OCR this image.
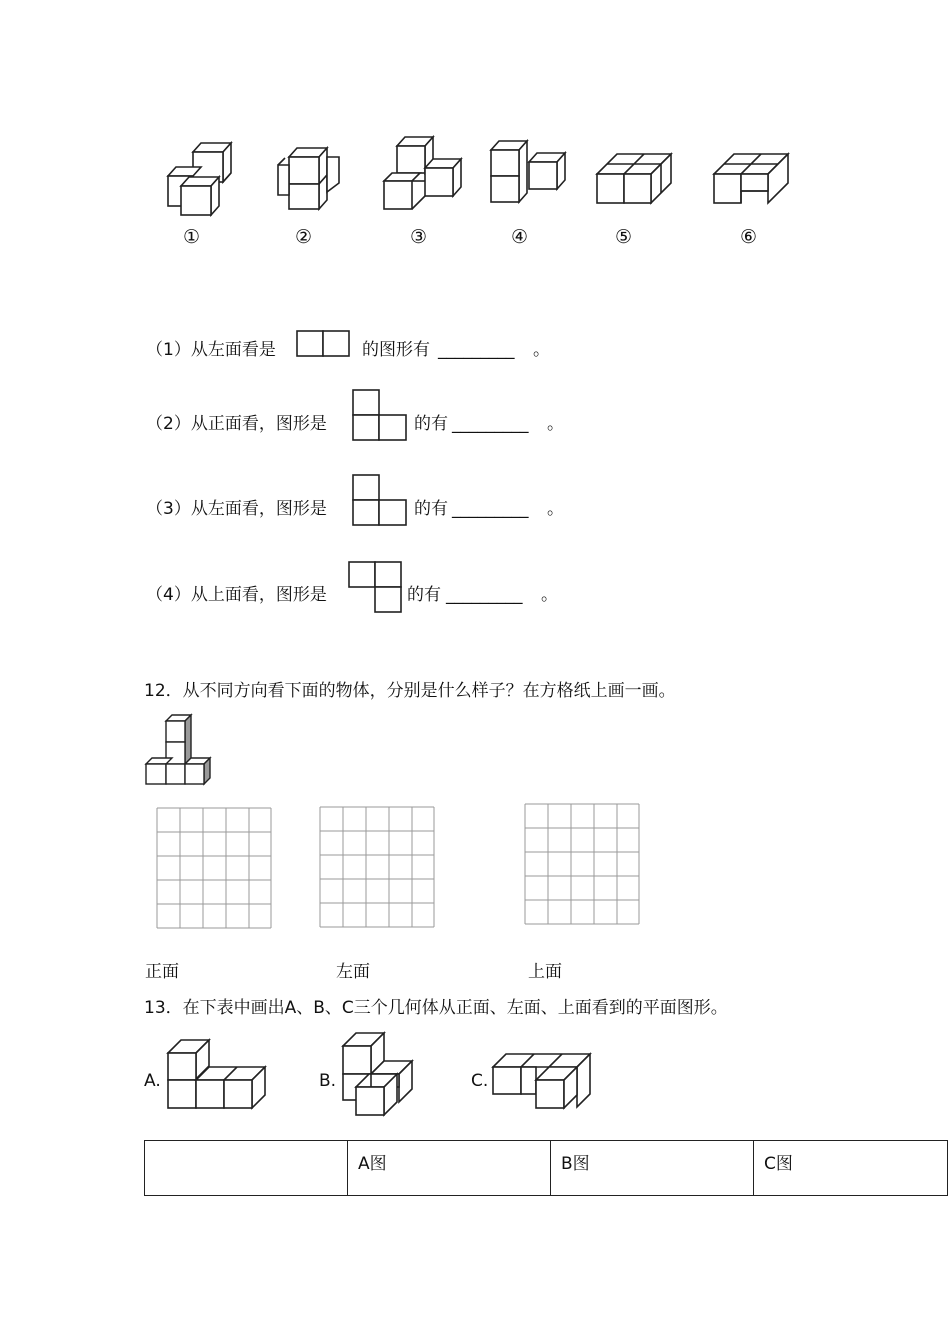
①	②	③	④	⑤	⑥
（1）从左面看是	的图形有 _________ 。
（2）从正面看，图形是	的有 _________ 。
（3）从左面看，图形是	的有 _________ 。
（4）从上面看，图形是	的有 _________ 。
12．从不同方向看下面的物体，分别是什么样子？在方格纸上画一画。
正面	左面	上面
13．在下表中画出A、B、C三个几何体从正面、左面、上面看到的平面图形。
A.	B.	C.
	A图	B图	C图
